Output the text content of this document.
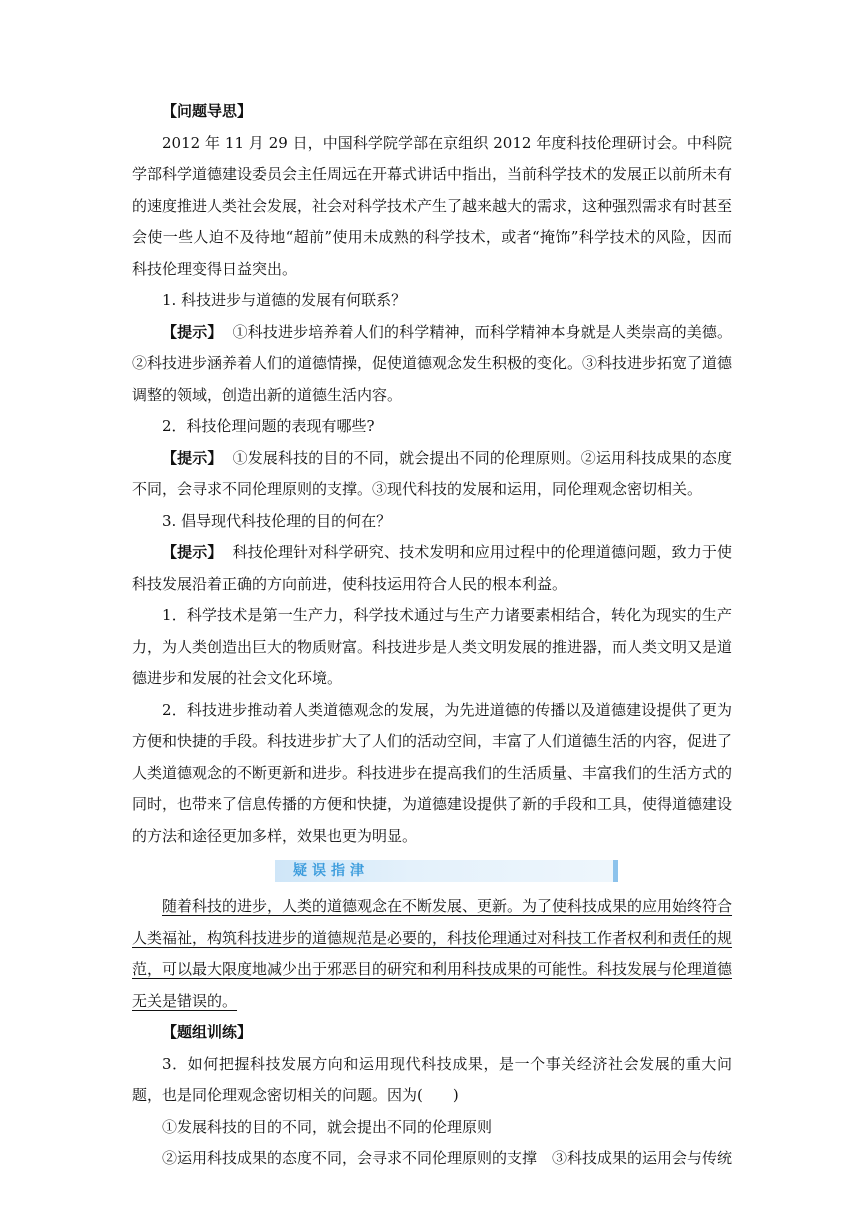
【问题导思】

2012 年 11 月 29 日，中国科学院学部在京组织 2012 年度科技伦理研讨会。中科院学部科学道德建设委员会主任周远在开幕式讲话中指出，当前科学技术的发展正以前所未有的速度推进人类社会发展，社会对科学技术产生了越来越大的需求，这种强烈需求有时甚至会使一些人迫不及待地“超前”使用未成熟的科学技术，或者“掩饰”科学技术的风险，因而科技伦理变得日益突出。

1. 科技进步与道德的发展有何联系？

【提示】 ①科技进步培养着人们的科学精神，而科学精神本身就是人类崇高的美德。②科技进步涵养着人们的道德情操，促使道德观念发生积极的变化。③科技进步拓宽了道德调整的领域，创造出新的道德生活内容。

2．科技伦理问题的表现有哪些?

【提示】 ①发展科技的目的不同，就会提出不同的伦理原则。②运用科技成果的态度不同，会寻求不同伦理原则的支撑。③现代科技的发展和运用，同伦理观念密切相关。

3. 倡导现代科技伦理的目的何在？

【提示】 科技伦理针对科学研究、技术发明和应用过程中的伦理道德问题，致力于使科技发展沿着正确的方向前进，使科技运用符合人民的根本利益。

1．科学技术是第一生产力，科学技术通过与生产力诸要素相结合，转化为现实的生产力，为人类创造出巨大的物质财富。科技进步是人类文明发展的推进器，而人类文明又是道德进步和发展的社会文化环境。

2．科技进步推动着人类道德观念的发展，为先进道德的传播以及道德建设提供了更为方便和快捷的手段。科技进步扩大了人们的活动空间，丰富了人们道德生活的内容，促进了人类道德观念的不断更新和进步。科技进步在提高我们的生活质量、丰富我们的生活方式的同时，也带来了信息传播的方便和快捷，为道德建设提供了新的手段和工具，使得道德建设的方法和途径更加多样，效果也更为明显。

疑误指津

随着科技的进步，人类的道德观念在不断发展、更新。为了使科技成果的应用始终符合人类福祉，构筑科技进步的道德规范是必要的，科技伦理通过对科技工作者权利和责任的规范，可以最大限度地减少出于邪恶目的研究和利用科技成果的可能性。科技发展与伦理道德无关是错误的。

【题组训练】

3．如何把握科技发展方向和运用现代科技成果，是一个事关经济社会发展的重大问题，也是同伦理观念密切相关的问题。因为(　　)

①发展科技的目的不同，就会提出不同的伦理原则

②运用科技成果的态度不同，会寻求不同伦理原则的支撑　③科技成果的运用会与传统
